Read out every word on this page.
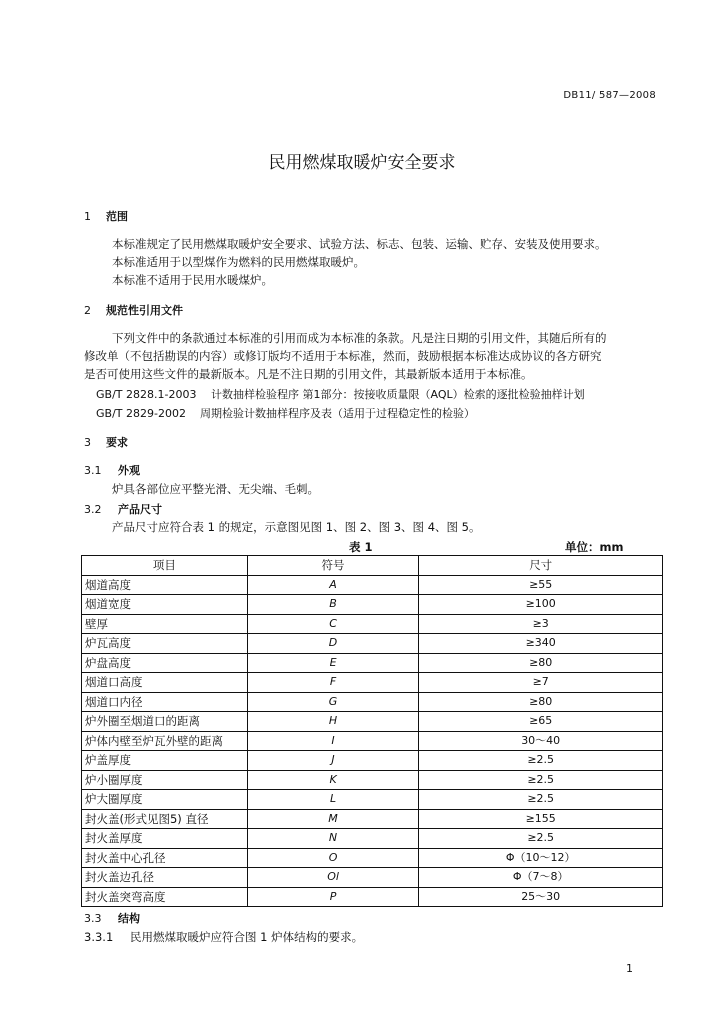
DB11/ 587—2008
民用燃煤取暖炉安全要求
1 范围
本标准规定了民用燃煤取暖炉安全要求、试验方法、标志、包装、运输、贮存、安装及使用要求。
本标准适用于以型煤作为燃料的民用燃煤取暖炉。
本标准不适用于民用水暖煤炉。
2 规范性引用文件
下列文件中的条款通过本标准的引用而成为本标准的条款。凡是注日期的引用文件，其随后所有的
修改单（不包括勘误的内容）或修订版均不适用于本标准，然而，鼓励根据本标准达成协议的各方研究
是否可使用这些文件的最新版本。凡是不注日期的引用文件，其最新版本适用于本标准。
GB/T 2828.1-2003 计数抽样检验程序 第1部分：按接收质量限（AQL）检索的逐批检验抽样计划
GB/T 2829-2002 周期检验计数抽样程序及表（适用于过程稳定性的检验）
3 要求
3.1 外观
炉具各部位应平整光滑、无尖端、毛刺。
3.2 产品尺寸
产品尺寸应符合表 1 的规定，示意图见图 1、图 2、图 3、图 4、图 5。
表 1	单位：mm
项目	符号	尺寸
烟道高度	A	≥55
烟道宽度	B	≥100
壁厚	C	≥3
炉瓦高度	D	≥340
炉盘高度	E	≥80
烟道口高度	F	≥7
烟道口内径	G	≥80
炉外圈至烟道口的距离	H	≥65
炉体内壁至炉瓦外壁的距离	I	30～40
炉盖厚度	J	≥2.5
炉小圈厚度	K	≥2.5
炉大圈厚度	L	≥2.5
封火盖(形式见图5) 直径	M	≥155
封火盖厚度	N	≥2.5
封火盖中心孔径	O	Φ（10～12）
封火盖边孔径	Ol	Φ（7～8）
封火盖突弯高度	P	25～30
3.3 结构
3.3.1 民用燃煤取暖炉应符合图 1 炉体结构的要求。
1
